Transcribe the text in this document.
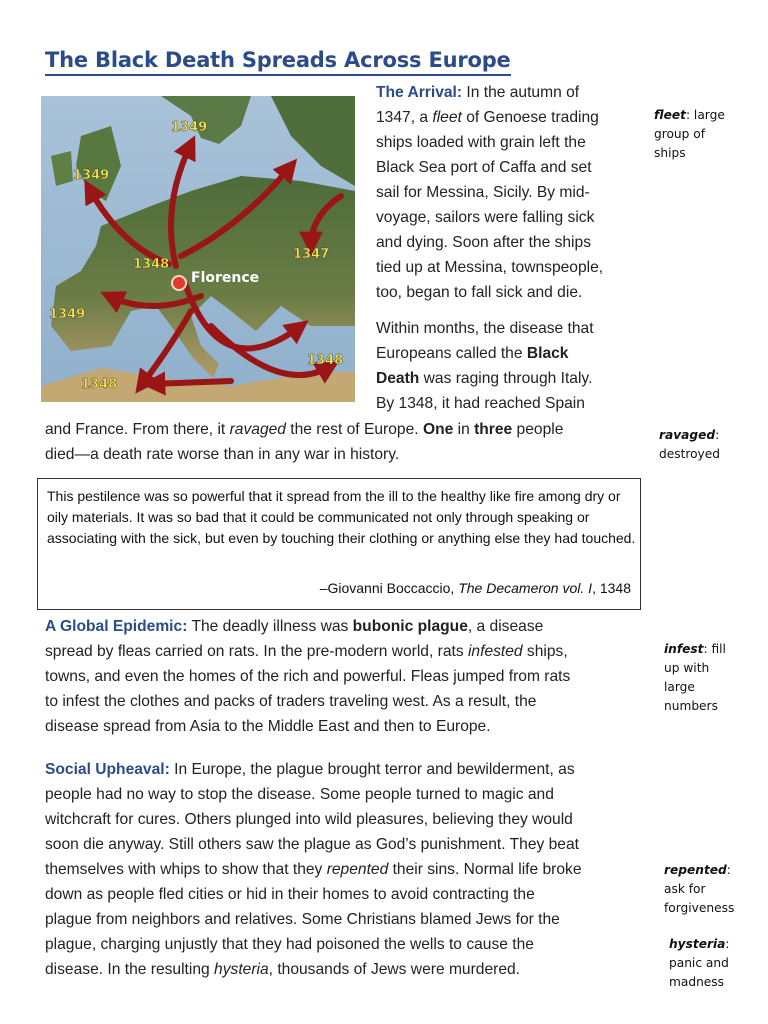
The Black Death Spreads Across Europe
1349
1349
1347
1348
1349
1348
1348
Florence
The Arrival: In the autumn of
1347, a fleet of Genoese trading
ships loaded with grain left the
Black Sea port of Caffa and set
sail for Messina, Sicily. By mid-
voyage, sailors were falling sick
and dying. Soon after the ships
tied up at Messina, townspeople,
too, began to fall sick and die.
Within months, the disease that
Europeans called the Black
Death was raging through Italy.
By 1348, it had reached Spain
and France. From there, it ravaged the rest of Europe. One in three people
died—a death rate worse than in any war in history.
This pestilence was so powerful that it spread from the ill to the healthy like fire among dry or oily materials. It was so bad that it could be communicated not only through speaking or associating with the sick, but even by touching their clothing or anything else they had touched.
–Giovanni Boccaccio, The Decameron vol. I, 1348
A Global Epidemic: The deadly illness was bubonic plague, a disease
spread by fleas carried on rats. In the pre-modern world, rats infested ships,
towns, and even the homes of the rich and powerful. Fleas jumped from rats
to infest the clothes and packs of traders traveling west. As a result, the
disease spread from Asia to the Middle East and then to Europe.
Social Upheaval: In Europe, the plague brought terror and bewilderment, as
people had no way to stop the disease. Some people turned to magic and
witchcraft for cures. Others plunged into wild pleasures, believing they would
soon die anyway. Still others saw the plague as God’s punishment. They beat
themselves with whips to show that they repented their sins. Normal life broke
down as people fled cities or hid in their homes to avoid contracting the
plague from neighbors and relatives. Some Christians blamed Jews for the
plague, charging unjustly that they had poisoned the wells to cause the
disease. In the resulting hysteria, thousands of Jews were murdered.
fleet: large
group of
ships
ravaged:
destroyed
infest: fill
up with
large
numbers
repented:
ask for
forgiveness
hysteria:
panic and
madness
